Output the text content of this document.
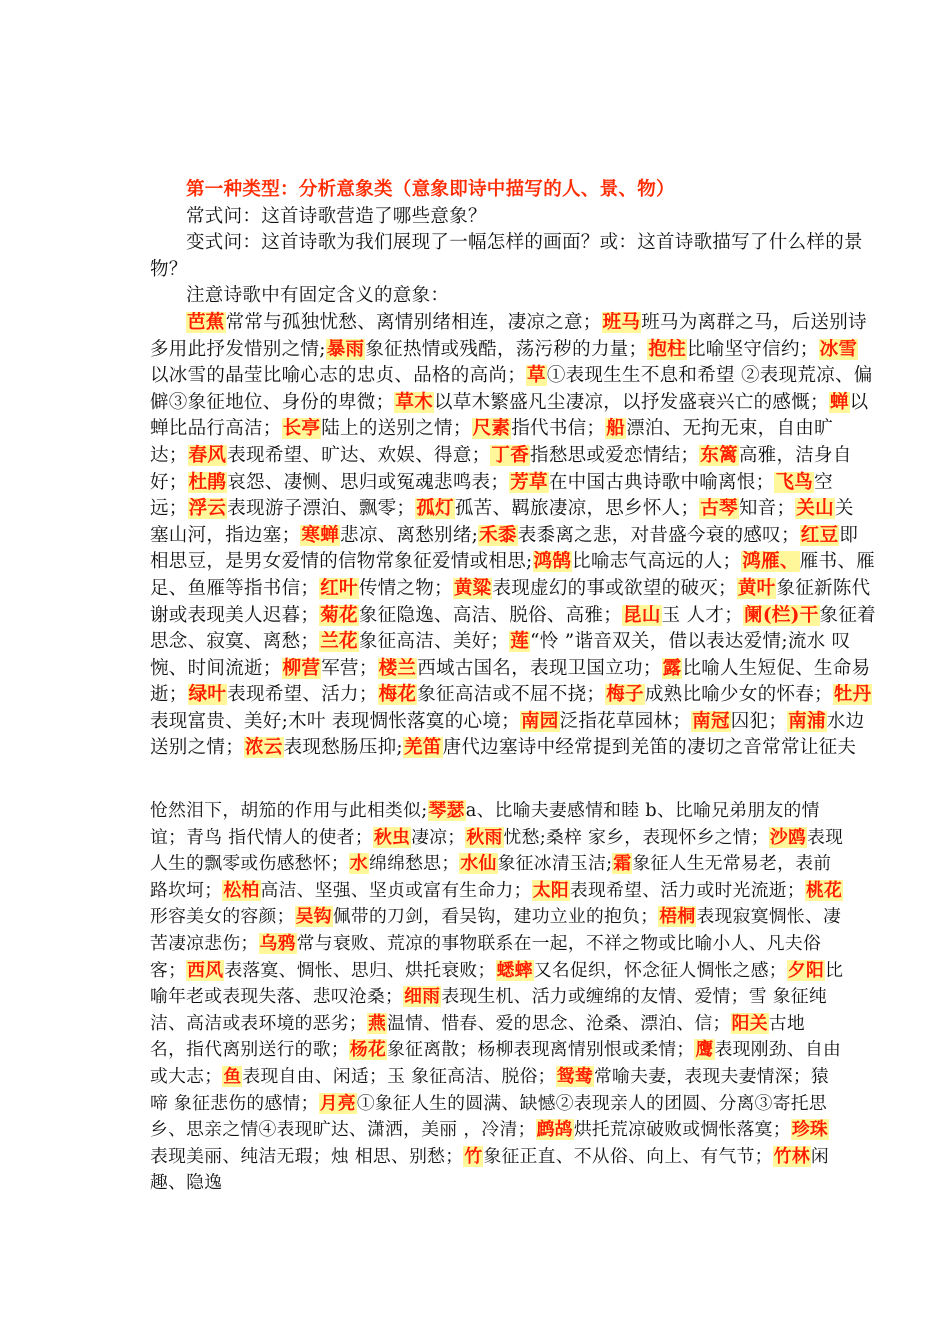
第一种类型：分析意象类（意象即诗中描写的人、景、物）
常式问：这首诗歌营造了哪些意象？
变式问：这首诗歌为我们展现了一幅怎样的画面？或：这首诗歌描写了什么样的景
物？
注意诗歌中有固定含义的意象：
芭蕉常常与孤独忧愁、离情别绪相连，凄凉之意；班马班马为离群之马，后送别诗
多用此抒发惜别之情;暴雨象征热情或残酷，荡污秽的力量；抱柱比喻坚守信约；冰雪
以冰雪的晶莹比喻心志的忠贞、品格的高尚；草①表现生生不息和希望 ②表现荒凉、偏
僻③象征地位、身份的卑微；草木以草木繁盛凡尘凄凉，以抒发盛衰兴亡的感慨；蝉以
蝉比品行高洁；长亭陆上的送别之情；尺素指代书信；船漂泊、无拘无束，自由旷
达；春风表现希望、旷达、欢娱、得意；丁香指愁思或爱恋情结；东篱高雅，洁身自
好；杜鹃哀怨、凄恻、思归或冤魂悲鸣表；芳草在中国古典诗歌中喻离恨；飞鸟空
远；浮云表现游子漂泊、飘零；孤灯孤苦、羁旅凄凉，思乡怀人；古琴知音；关山关
塞山河，指边塞；寒蝉悲凉、离愁别绪;禾黍表黍离之悲，对昔盛今衰的感叹；红豆即
相思豆，是男女爱情的信物常象征爱情或相思;鸿鹄比喻志气高远的人；鸿雁、雁书、雁
足、鱼雁等指书信；红叶传情之物；黄粱表现虚幻的事或欲望的破灭；黄叶象征新陈代
谢或表现美人迟暮；菊花象征隐逸、高洁、脱俗、高雅；昆山玉 人才；阑(栏)干象征着
思念、寂寞、离愁；兰花象征高洁、美好；莲“怜 ”谐音双关，借以表达爱情;流水 叹
惋、时间流逝；柳营军营；楼兰西域古国名，表现卫国立功；露比喻人生短促、生命易
逝；绿叶表现希望、活力；梅花象征高洁或不屈不挠；梅子成熟比喻少女的怀春；牡丹
表现富贵、美好;木叶 表现惆怅落寞的心境；南园泛指花草园林；南冠囚犯；南浦水边
送别之情；浓云表现愁肠压抑;羌笛唐代边塞诗中经常提到羌笛的凄切之音常常让征夫
怆然泪下，胡笳的作用与此相类似;琴瑟a、比喻夫妻感情和睦 b、比喻兄弟朋友的情
谊；青鸟 指代情人的使者；秋虫凄凉；秋雨忧愁;桑梓 家乡，表现怀乡之情；沙鸥表现
人生的飘零或伤感愁怀；水绵绵愁思；水仙象征冰清玉洁;霜象征人生无常易老，表前
路坎坷；松柏高洁、坚强、坚贞或富有生命力；太阳表现希望、活力或时光流逝；桃花
形容美女的容颜；吴钩佩带的刀剑，看吴钩，建功立业的抱负；梧桐表现寂寞惆怅、凄
苦凄凉悲伤；乌鸦常与衰败、荒凉的事物联系在一起，不祥之物或比喻小人、凡夫俗
客；西风表落寞、惆怅、思归、烘托衰败；蟋蟀又名促织，怀念征人惆怅之感；夕阳比
喻年老或表现失落、悲叹沧桑；细雨表现生机、活力或缠绵的友情、爱情；雪 象征纯
洁、高洁或表环境的恶劣；燕温情、惜春、爱的思念、沧桑、漂泊、信；阳关古地
名，指代离别送行的歌；杨花象征离散；杨柳表现离情别恨或柔情；鹰表现刚劲、自由
或大志；鱼表现自由、闲适；玉 象征高洁、脱俗；鸳鸯常喻夫妻，表现夫妻情深；猿
啼 象征悲伤的感情；月亮①象征人生的圆满、缺憾②表现亲人的团圆、分离③寄托思
乡、思亲之情④表现旷达、潇洒，美丽 ，冷清；鹧鸪烘托荒凉破败或惆怅落寞；珍珠
表现美丽、纯洁无瑕；烛 相思、别愁；竹象征正直、不从俗、向上、有气节；竹林闲
趣、隐逸
